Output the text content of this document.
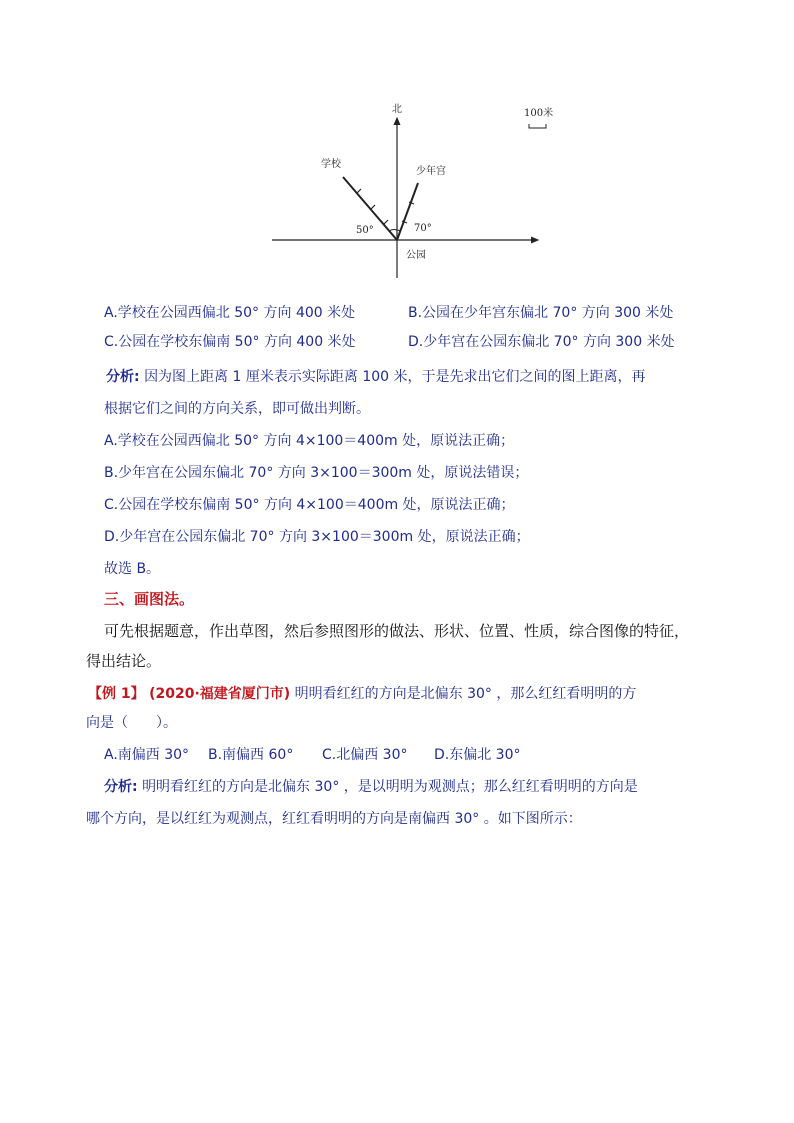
北	100米
学校
少年宫
50°	70°
公园
A.学校在公园西偏北 50° 方向 400 米处	B.公园在少年宫东偏北 70° 方向 300 米处
C.公园在学校东偏南 50° 方向 400 米处	D.少年宫在公园东偏北 70° 方向 300 米处
分析: 因为图上距离 1 厘米表示实际距离 100 米，于是先求出它们之间的图上距离，再
根据它们之间的方向关系，即可做出判断。
A.学校在公园西偏北 50° 方向 4×100＝400m 处，原说法正确；
B.少年宫在公园东偏北 70° 方向 3×100＝300m 处，原说法错误；
C.公园在学校东偏南 50° 方向 4×100＝400m 处，原说法正确；
D.少年宫在公园东偏北 70° 方向 3×100＝300m 处，原说法正确；
故选 B。
三、画图法。
可先根据题意，作出草图，然后参照图形的做法、形状、位置、性质，综合图像的特征，
得出结论。
【例 1】 (2020·福建省厦门市) 明明看红红的方向是北偏东 30° ，那么红红看明明的方
向是（　　）。
A.南偏西 30° B.南偏西 60° C.北偏西 30° D.东偏北 30°
分析: 明明看红红的方向是北偏东 30° ，是以明明为观测点；那么红红看明明的方向是
哪个方向，是以红红为观测点，红红看明明的方向是南偏西 30° 。如下图所示：
